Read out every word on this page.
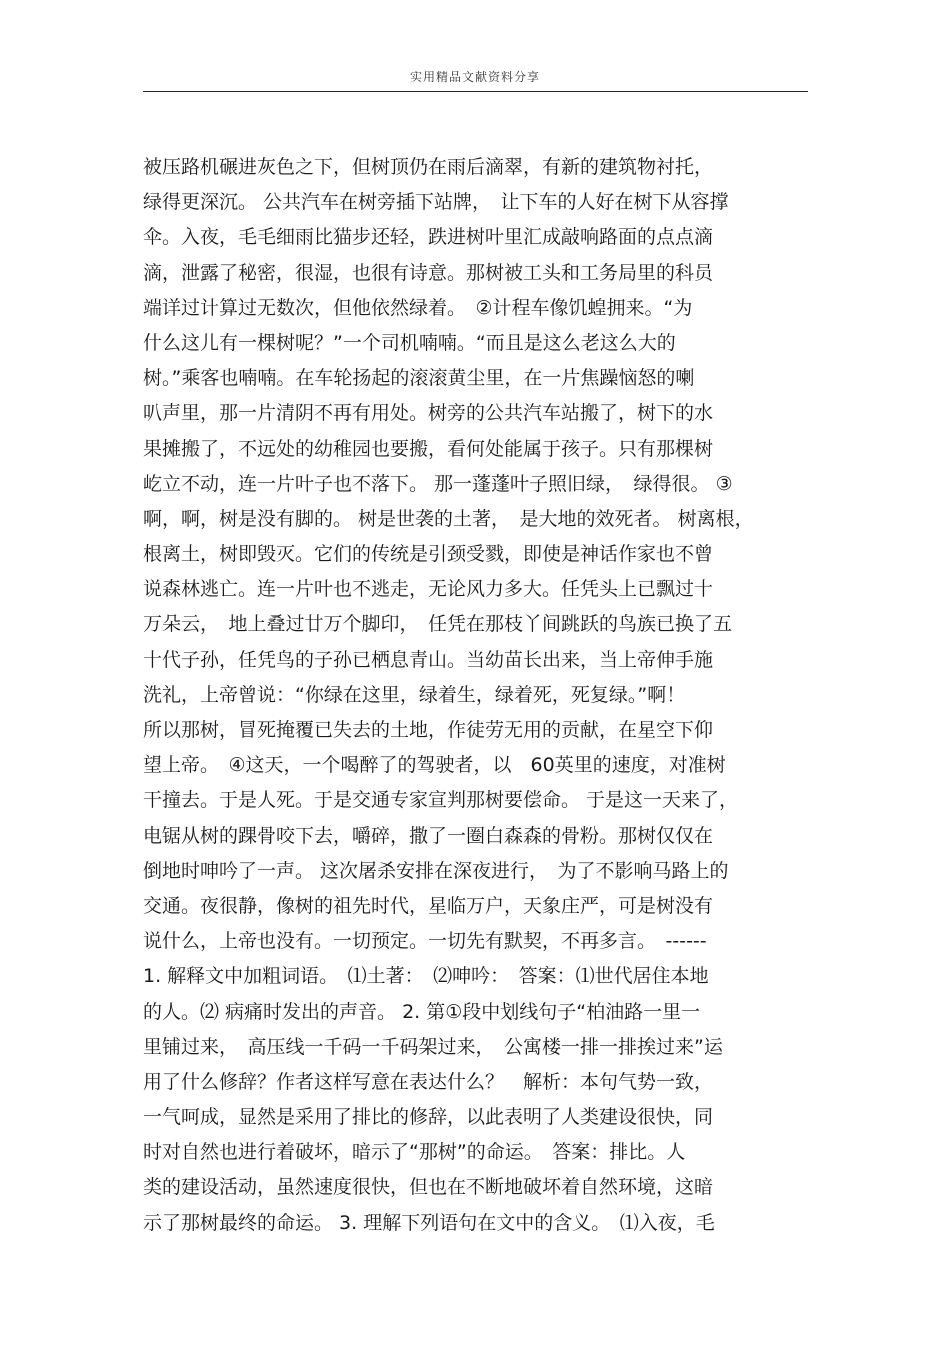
实用精品文献资料分享
被压路机碾进灰色之下，但树顶仍在雨后滴翠，有新的建筑物衬托，
绿得更深沉。 公共汽车在树旁插下站牌，　让下车的人好在树下从容撑
伞。入夜，毛毛细雨比猫步还轻，跌进树叶里汇成敲响路面的点点滴
滴，泄露了秘密，很湿，也很有诗意。那树被工头和工务局里的科员
端详过计算过无数次，但他依然绿着。　②计程车像饥蝗拥来。“为
什么这儿有一棵树呢？”一个司机喃喃。“而且是这么老这么大的
树。”乘客也喃喃。在车轮扬起的滚滚黄尘里，在一片焦躁恼怒的喇
叭声里，那一片清阴不再有用处。树旁的公共汽车站搬了，树下的水
果摊搬了，不远处的幼稚园也要搬，看何处能属于孩子。只有那棵树
屹立不动，连一片叶子也不落下。 那一蓬蓬叶子照旧绿，　绿得很。 ③
啊，啊，树是没有脚的。 树是世袭的土著，　是大地的效死者。 树离根，
根离土，树即毁灭。它们的传统是引颈受戮，即使是神话作家也不曾
说森林逃亡。连一片叶也不逃走，无论风力多大。任凭头上已飘过十
万朵云，　地上叠过廿万个脚印，　任凭在那枝丫间跳跃的鸟族已换了五
十代子孙，任凭鸟的子孙已栖息青山。当幼苗长出来，当上帝伸手施
洗礼，上帝曾说：“你绿在这里，绿着生，绿着死，死复绿。”啊！
所以那树，冒死掩覆已失去的土地，作徒劳无用的贡献，在星空下仰
望上帝。　④这天，一个喝醉了的驾驶者，以　60英里的速度，对准树
干撞去。于是人死。于是交通专家宣判那树要偿命。 于是这一天来了，
电锯从树的踝骨咬下去，嚼碎，撒了一圈白森森的骨粉。那树仅仅在
倒地时呻吟了一声。 这次屠杀安排在深夜进行，　为了不影响马路上的
交通。夜很静，像树的祖先时代，星临万户，天象庄严，可是树没有
说什么，上帝也没有。一切预定。一切先有默契，不再多言。　------
1. 解释文中加粗词语。　⑴土著：　⑵呻吟：　答案：⑴世代居住本地
的人。⑵ 病痛时发出的声音。 2. 第①段中划线句子“柏油路一里一
里铺过来，　高压线一千码一千码架过来，　公寓楼一排一排挨过来”运
用了什么修辞？作者这样写意在表达什么？　解析：本句气势一致，
一气呵成，显然是采用了排比的修辞，以此表明了人类建设很快，同
时对自然也进行着破坏，暗示了“那树”的命运。　答案：排比。人
类的建设活动，虽然速度很快，但也在不断地破坏着自然环境，这暗
示了那树最终的命运。 3. 理解下列语句在文中的含义。　⑴入夜，毛
